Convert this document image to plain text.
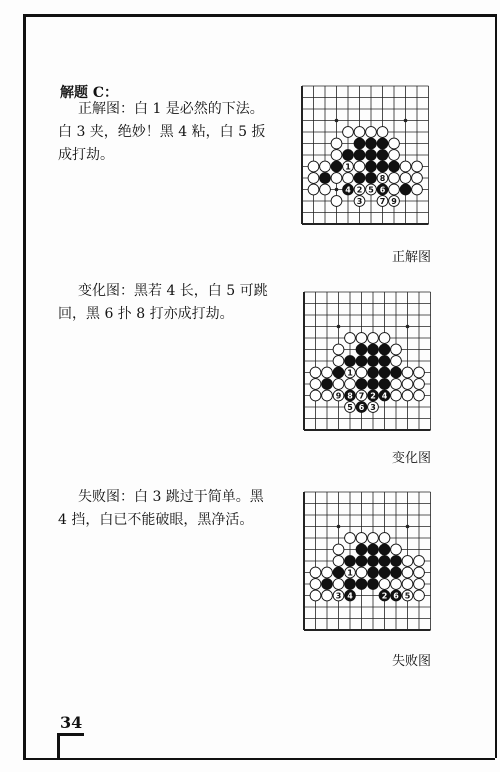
解题 C：
正解图：白 1 是必然的下法。白 3 夹，绝妙！黑 4 粘，白 5 扳成打劫。
变化图：黑若 4 长，白 5 可跳回，黑 6 扑 8 打亦成打劫。
失败图：白 3 跳过于简单。黑 4 挡，白已不能破眼，黑净活。
1
8
4 2 5 6
3 7 9
1
9 8 7 2 4
5 6 3
1
3 4	2 6 5
正解图
变化图
失败图
34
